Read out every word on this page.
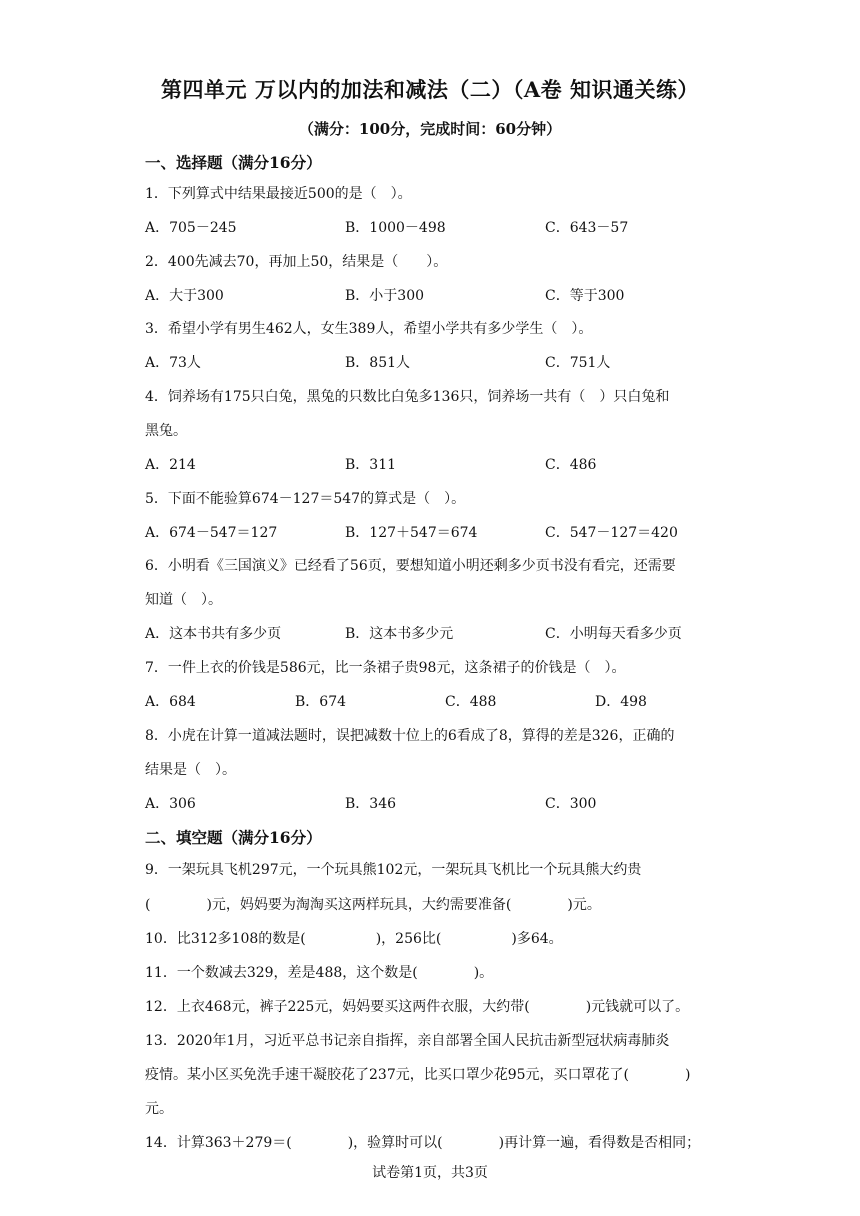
第四单元 万以内的加法和减法（二）（A卷 知识通关练）
（满分：100分，完成时间：60分钟）
一、选择题（满分16分）
1．下列算式中结果最接近500的是（　）。
A．705－245	B．1000－498	C．643－57
2．400先减去70，再加上50，结果是（　　）。
A．大于300	B．小于300	C．等于300
3．希望小学有男生462人，女生389人，希望小学共有多少学生（　）。
A．73人	B．851人	C．751人
4．饲养场有175只白兔，黑兔的只数比白兔多136只，饲养场一共有（　）只白兔和
黑兔。
A．214	B．311	C．486
5．下面不能验算674－127＝547的算式是（　）。
A．674－547＝127	B．127＋547＝674	C．547－127＝420
6．小明看《三国演义》已经看了56页，要想知道小明还剩多少页书没有看完，还需要
知道（　）。
A．这本书共有多少页	B．这本书多少元	C．小明每天看多少页
7．一件上衣的价钱是586元，比一条裙子贵98元，这条裙子的价钱是（　）。
A．684	B．674	C．488	D．498
8．小虎在计算一道减法题时，误把减数十位上的6看成了8，算得的差是326，正确的
结果是（　）。
A．306	B．346	C．300
二、填空题（满分16分）
9．一架玩具飞机297元，一个玩具熊102元，一架玩具飞机比一个玩具熊大约贵
(　　　　)元，妈妈要为淘淘买这两样玩具，大约需要准备(　　　　)元。
10．比312多108的数是(　　　　　)，256比(　　　　　)多64。
11．一个数减去329，差是488，这个数是(　　　　)。
12．上衣468元，裤子225元，妈妈要买这两件衣服，大约带(　　　　)元钱就可以了。
13．2020年1月，习近平总书记亲自指挥，亲自部署全国人民抗击新型冠状病毒肺炎
疫情。某小区买免洗手速干凝胶花了237元，比买口罩少花95元，买口罩花了(　　　　)
元。
14．计算363＋279＝(　　　　)，验算时可以(　　　　)再计算一遍，看得数是否相同；
试卷第1页，共3页
